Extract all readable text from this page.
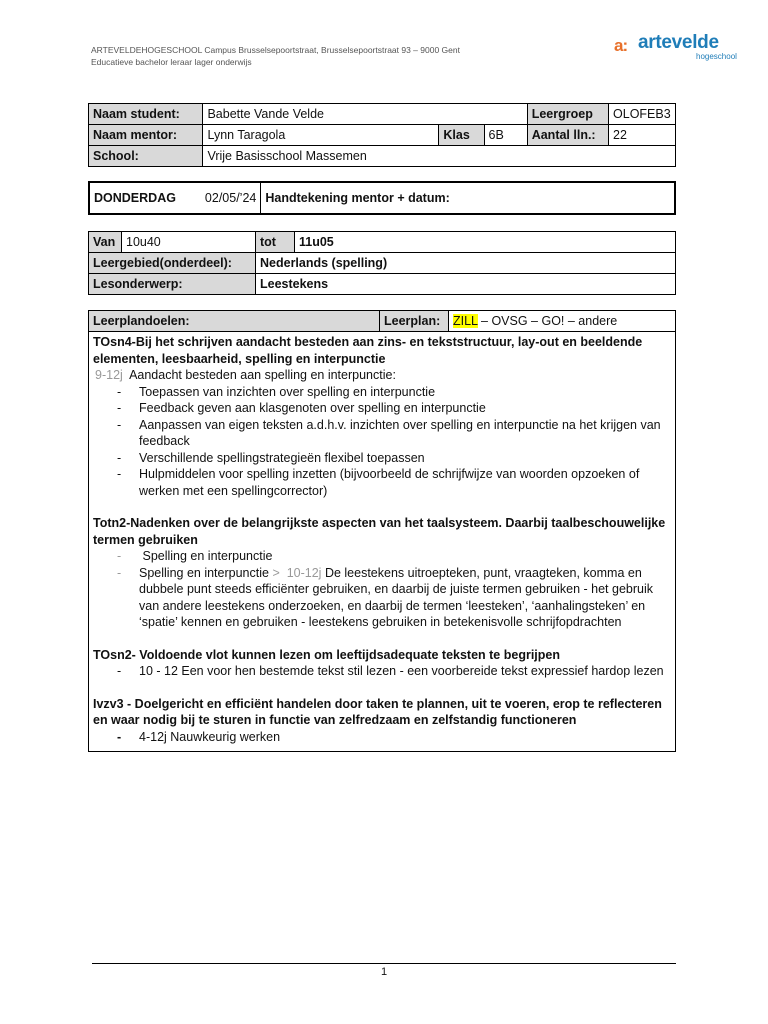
ARTEVELDEHOGESCHOOL Campus Brusselsepoortstraat, Brusselsepoortstraat 93 – 9000 Gent
Educatieve bachelor leraar lager onderwijs
a: artevelde
hogeschool
Naam student:	Babette Vande Velde			Leergroep	OLOFEB3
Naam mentor:	Lynn Taragola	Klas	6B	Aantal lln.:	22
School:	Vrije Basisschool Massemen				
DONDERDAG 02/05/’24	Handtekening mentor + datum:
Van	10u40	tot	11u05
Leergebied(onderdeel):		Nederlands (spelling)	
Lesonderwerp:		Leestekens	
Leerplandoelen:	Leerplan:	ZILL – OVSG – GO! – andere

TOsn4-Bij het schrijven aandacht besteden aan zins- en tekststructuur, lay-out en beeldende elementen, leesbaarheid, spelling en interpunctie
9-12j Aandacht besteden aan spelling en interpunctie:
- Toepassen van inzichten over spelling en interpunctie
- Feedback geven aan klasgenoten over spelling en interpunctie
- Aanpassen van eigen teksten a.d.h.v. inzichten over spelling en interpunctie na het krijgen van feedback
- Verschillende spellingstrategieën flexibel toepassen
- Hulpmiddelen voor spelling inzetten (bijvoorbeeld de schrijfwijze van woorden opzoeken of werken met een spellingcorrector)
Totn2-Nadenken over de belangrijkste aspecten van het taalsysteem. Daarbij taalbeschouwelijke termen gebruiken
- Spelling en interpunctie
- Spelling en interpunctie > 10-12j De leestekens uitroepteken, punt, vraagteken, komma en dubbele punt steeds efficiënter gebruiken, en daarbij de juiste termen gebruiken - het gebruik van andere leestekens onderzoeken, en daarbij de termen ‘leesteken’, ‘aanhalingsteken’ en ‘spatie’ kennen en gebruiken - leestekens gebruiken in betekenisvolle schrijfopdrachten
TOsn2- Voldoende vlot kunnen lezen om leeftijdsadequate teksten te begrijpen
- 10 - 12 Een voor hen bestemde tekst stil lezen - een voorbereide tekst expressief hardop lezen
Ivzv3 - Doelgericht en efficiënt handelen door taken te plannen, uit te voeren, erop te reflecteren en waar nodig bij te sturen in functie van zelfredzaam en zelfstandig functioneren
- 4-12j Nauwkeurig werken
1
